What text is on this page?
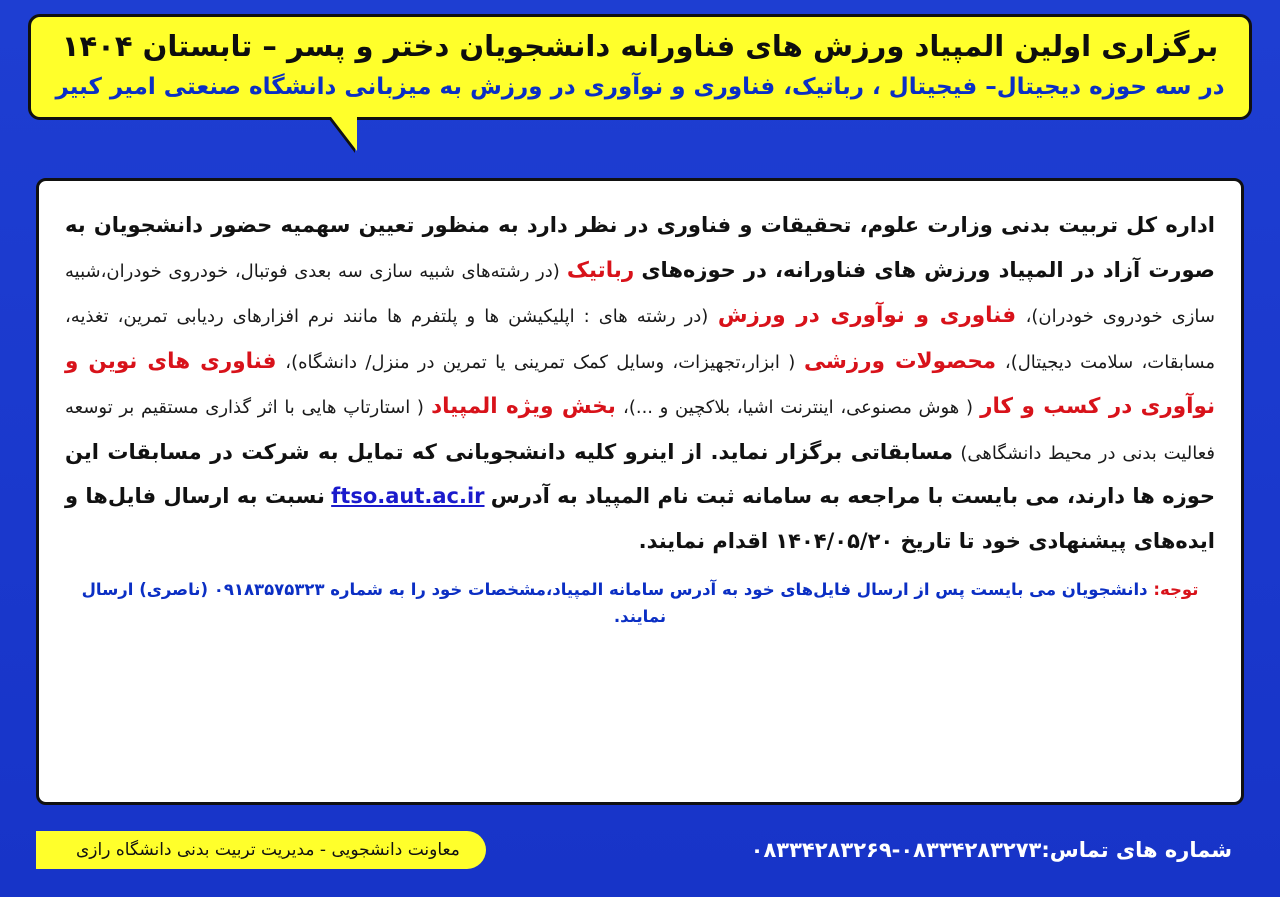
برگزاری اولین المپیاد ورزش های فناورانه دانشجویان دختر و پسر – تابستان ۱۴۰۴
در سه حوزه دیجیتال– فیجیتال ، رباتیک، فناوری و نوآوری در ورزش به میزبانی دانشگاه صنعتی امیر کبیر
اداره کل تربیت بدنی وزارت علوم، تحقیقات و فناوری در نظر دارد به منظور تعیین سهمیه حضور دانشجویان به صورت آزاد در المپیاد ورزش های فناورانه، در حوزه‌های رباتیک (در رشته‌های شبیه سازی سه بعدی فوتبال، خودروی خودران،شبیه سازی خودروی خودران)، فناوری و نوآوری در ورزش (در رشته های : اپلیکیشن ها و پلتفرم ها مانند نرم افزارهای ردیابی تمرین، تغذیه، مسابقات، سلامت دیجیتال)، محصولات ورزشی ( ابزار،تجهیزات، وسایل کمک تمرینی یا تمرین در منزل/ دانشگاه)، فناوری های نوین و نوآوری در کسب و کار ( هوش مصنوعی، اینترنت اشیا، بلاکچین و ...)، بخش ویژه المپیاد ( استارتاپ هایی با اثر گذاری مستقیم بر توسعه فعالیت بدنی در محیط دانشگاهی) مسابقاتی برگزار نماید. از اینرو کلیه دانشجویانی که تمایل به شرکت در مسابقات این حوزه ها دارند، می بایست با مراجعه به سامانه ثبت نام المپیاد به آدرس ftso.aut.ac.ir نسبت به ارسال فایل‌ها و ایده‌های پیشنهادی خود تا تاریخ ۱۴۰۴/۰۵/۲۰ اقدام نمایند.
توجه: دانشجویان می بایست پس از ارسال فایل‌های خود به آدرس سامانه المپیاد،مشخصات خود را به شماره ۰۹۱۸۳۵۷۵۳۲۳ (ناصری) ارسال نمایند.
شماره های تماس:۰۸۳۳۴۲۸۳۲۶۹-۰۸۳۳۴۲۸۳۲۷۳
معاونت دانشجویی - مدیریت تربیت بدنی دانشگاه رازی
